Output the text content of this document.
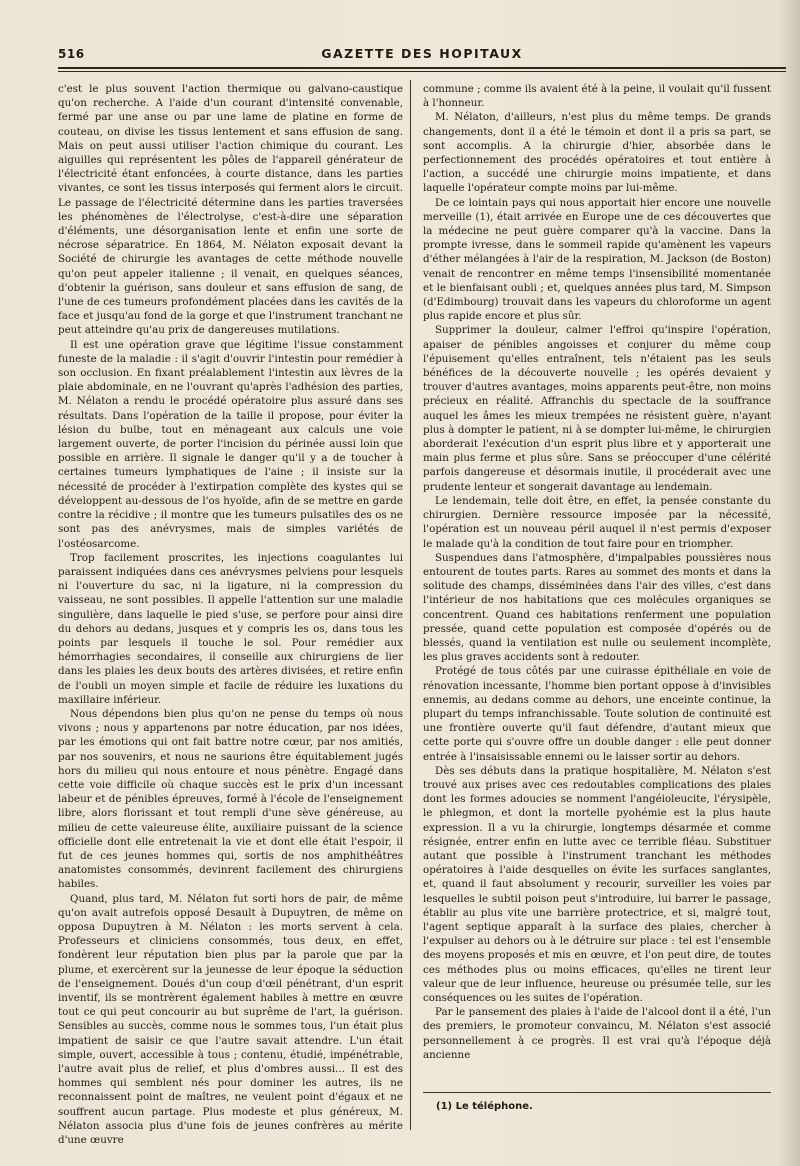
516	GAZETTE DES HOPITAUX

c'est le plus souvent l'action thermique ou galvano-caustique qu'on recherche. A l'aide d'un courant d'intensité convenable, fermé par une anse ou par une lame de platine en forme de couteau, on divise les tissus lentement et sans effusion de sang. Mais on peut aussi utiliser l'action chimique du courant. Les aiguilles qui représentent les pôles de l'appareil générateur de l'électricité étant enfoncées, à courte distance, dans les parties vivantes, ce sont les tissus interposés qui ferment alors le circuit. Le passage de l'électricité détermine dans les parties traversées les phénomènes de l'électrolyse, c'est-à-dire une séparation d'éléments, une désorganisation lente et enfin une sorte de nécrose séparatrice. En 1864, M. Nélaton exposait devant la Société de chirurgie les avantages de cette méthode nouvelle qu'on peut appeler italienne ; il venait, en quelques séances, d'obtenir la guérison, sans douleur et sans effusion de sang, de l'une de ces tumeurs profondément placées dans les cavités de la face et jusqu'au fond de la gorge et que l'instrument tranchant ne peut atteindre qu'au prix de dangereuses mutilations.

Il est une opération grave que légitime l'issue constamment funeste de la maladie : il s'agit d'ouvrir l'intestin pour remédier à son occlusion. En fixant préalablement l'intestin aux lèvres de la plaie abdominale, en ne l'ouvrant qu'après l'adhésion des parties, M. Nélaton a rendu le procédé opératoire plus assuré dans ses résultats. Dans l'opération de la taille il propose, pour éviter la lésion du bulbe, tout en ménageant aux calculs une voie largement ouverte, de porter l'incision du périnée aussi loin que possible en arrière. Il signale le danger qu'il y a de toucher à certaines tumeurs lymphatiques de l'aine ; il insiste sur la nécessité de procéder à l'extirpation complète des kystes qui se développent au-dessous de l'os hyoïde, afin de se mettre en garde contre la récidive ; il montre que les tumeurs pulsatiles des os ne sont pas des anévrysmes, mais de simples variétés de l'ostéosarcome.

Trop facilement proscrites, les injections coagulantes lui paraissent indiquées dans ces anévrysmes pelviens pour lesquels ni l'ouverture du sac, ni la ligature, ni la compression du vaisseau, ne sont possibles. Il appelle l'attention sur une maladie singulière, dans laquelle le pied s'use, se perfore pour ainsi dire du dehors au dedans, jusques et y compris les os, dans tous les points par lesquels il touche le sol. Pour remédier aux hémorrhagies secondaires, il conseille aux chirurgiens de lier dans les plaies les deux bouts des artères divisées, et retire enfin de l'oubli un moyen simple et facile de réduire les luxations du maxillaire inférieur.

Nous dépendons bien plus qu'on ne pense du temps où nous vivons ; nous y appartenons par notre éducation, par nos idées, par les émotions qui ont fait battre notre cœur, par nos amitiés, par nos souvenirs, et nous ne saurions être équitablement jugés hors du milieu qui nous entoure et nous pénètre. Engagé dans cette voie difficile où chaque succès est le prix d'un incessant labeur et de pénibles épreuves, formé à l'école de l'enseignement libre, alors florissant et tout rempli d'une sève généreuse, au milieu de cette valeureuse élite, auxiliaire puissant de la science officielle dont elle entretenait la vie et dont elle était l'espoir, il fut de ces jeunes hommes qui, sortis de nos amphithéâtres anatomistes consommés, devinrent facilement des chirurgiens habiles.

Quand, plus tard, M. Nélaton fut sorti hors de pair, de même qu'on avait autrefois opposé Desault à Dupuytren, de même on opposa Dupuytren à M. Nélaton : les morts servent à cela. Professeurs et cliniciens consommés, tous deux, en effet, fondèrent leur réputation bien plus par la parole que par la plume, et exercèrent sur la jeunesse de leur époque la séduction de l'enseignement. Doués d'un coup d'œil pénétrant, d'un esprit inventif, ils se montrèrent également habiles à mettre en œuvre tout ce qui peut concourir au but suprême de l'art, la guérison. Sensibles au succès, comme nous le sommes tous, l'un était plus impatient de saisir ce que l'autre savait attendre. L'un était simple, ouvert, accessible à tous ; contenu, étudié, impénétrable, l'autre avait plus de relief, et plus d'ombres aussi... Il est des hommes qui semblent nés pour dominer les autres, ils ne reconnaissent point de maîtres, ne veulent point d'égaux et ne souffrent aucun partage. Plus modeste et plus généreux, M. Nélaton associa plus d'une fois de jeunes confrères au mérite d'une œuvre

commune ; comme ils avaient été à la peine, il voulait qu'il fussent à l'honneur.

M. Nélaton, d'ailleurs, n'est plus du même temps. De grands changements, dont il a été le témoin et dont il a pris sa part, se sont accomplis. A la chirurgie d'hier, absorbée dans le perfectionnement des procédés opératoires et tout entière à l'action, a succédé une chirurgie moins impatiente, et dans laquelle l'opérateur compte moins par lui-même.

De ce lointain pays qui nous apportait hier encore une nouvelle merveille (1), était arrivée en Europe une de ces découvertes que la médecine ne peut guère comparer qu'à la vaccine. Dans la prompte ivresse, dans le sommeil rapide qu'amènent les vapeurs d'éther mélangées à l'air de la respiration, M. Jackson (de Boston) venait de rencontrer en même temps l'insensibilité momentanée et le bienfaisant oubli ; et, quelques années plus tard, M. Simpson (d'Edimbourg) trouvait dans les vapeurs du chloroforme un agent plus rapide encore et plus sûr.

Supprimer la douleur, calmer l'effroi qu'inspire l'opération, apaiser de pénibles angoisses et conjurer du même coup l'épuisement qu'elles entraînent, tels n'étaient pas les seuls bénéfices de la découverte nouvelle ; les opérés devaient y trouver d'autres avantages, moins apparents peut-être, non moins précieux en réalité. Affranchis du spectacle de la souffrance auquel les âmes les mieux trempées ne résistent guère, n'ayant plus à dompter le patient, ni à se dompter lui-même, le chirurgien aborderait l'exécution d'un esprit plus libre et y apporterait une main plus ferme et plus sûre. Sans se préoccuper d'une célérité parfois dangereuse et désormais inutile, il procéderait avec une prudente lenteur et songerait davantage au lendemain.

Le lendemain, telle doit être, en effet, la pensée constante du chirurgien. Dernière ressource imposée par la nécessité, l'opération est un nouveau péril auquel il n'est permis d'exposer le malade qu'à la condition de tout faire pour en triompher.

Suspendues dans l'atmosphère, d'impalpables poussières nous entourent de toutes parts. Rares au sommet des monts et dans la solitude des champs, disséminées dans l'air des villes, c'est dans l'intérieur de nos habitations que ces molécules organiques se concentrent. Quand ces habitations renferment une population pressée, quand cette population est composée d'opérés ou de blessés, quand la ventilation est nulle ou seulement incomplète, les plus graves accidents sont à redouter.

Protégé de tous côtés par une cuirasse épithéliale en voie de rénovation incessante, l'homme bien portant oppose à d'invisibles ennemis, au dedans comme au dehors, une enceinte continue, la plupart du temps infranchissable. Toute solution de continuité est une frontière ouverte qu'il faut défendre, d'autant mieux que cette porte qui s'ouvre offre un double danger : elle peut donner entrée à l'insaisissable ennemi ou le laisser sortir au dehors.

Dès ses débuts dans la pratique hospitalière, M. Nélaton s'est trouvé aux prises avec ces redoutables complications des plaies dont les formes adoucies se nomment l'angéioleucite, l'érysipèle, le phlegmon, et dont la mortelle pyohémie est la plus haute expression. Il a vu la chirurgie, longtemps désarmée et comme résignée, entrer enfin en lutte avec ce terrible fléau. Substituer autant que possible à l'instrument tranchant les méthodes opératoires à l'aide desquelles on évite les surfaces sanglantes, et, quand il faut absolument y recourir, surveiller les voies par lesquelles le subtil poison peut s'introduire, lui barrer le passage, établir au plus vite une barrière protectrice, et si, malgré tout, l'agent septique apparaît à la surface des plaies, chercher à l'expulser au dehors ou à le détruire sur place : tel est l'ensemble des moyens proposés et mis en œuvre, et l'on peut dire, de toutes ces méthodes plus ou moins efficaces, qu'elles ne tirent leur valeur que de leur influence, heureuse ou présumée telle, sur les conséquences ou les suites de l'opération.

Par le pansement des plaies à l'aide de l'alcool dont il a été, l'un des premiers, le promoteur convaincu, M. Nélaton s'est associé personnellement à ce progrès. Il est vrai qu'à l'époque déjà ancienne

(1) Le téléphone.
